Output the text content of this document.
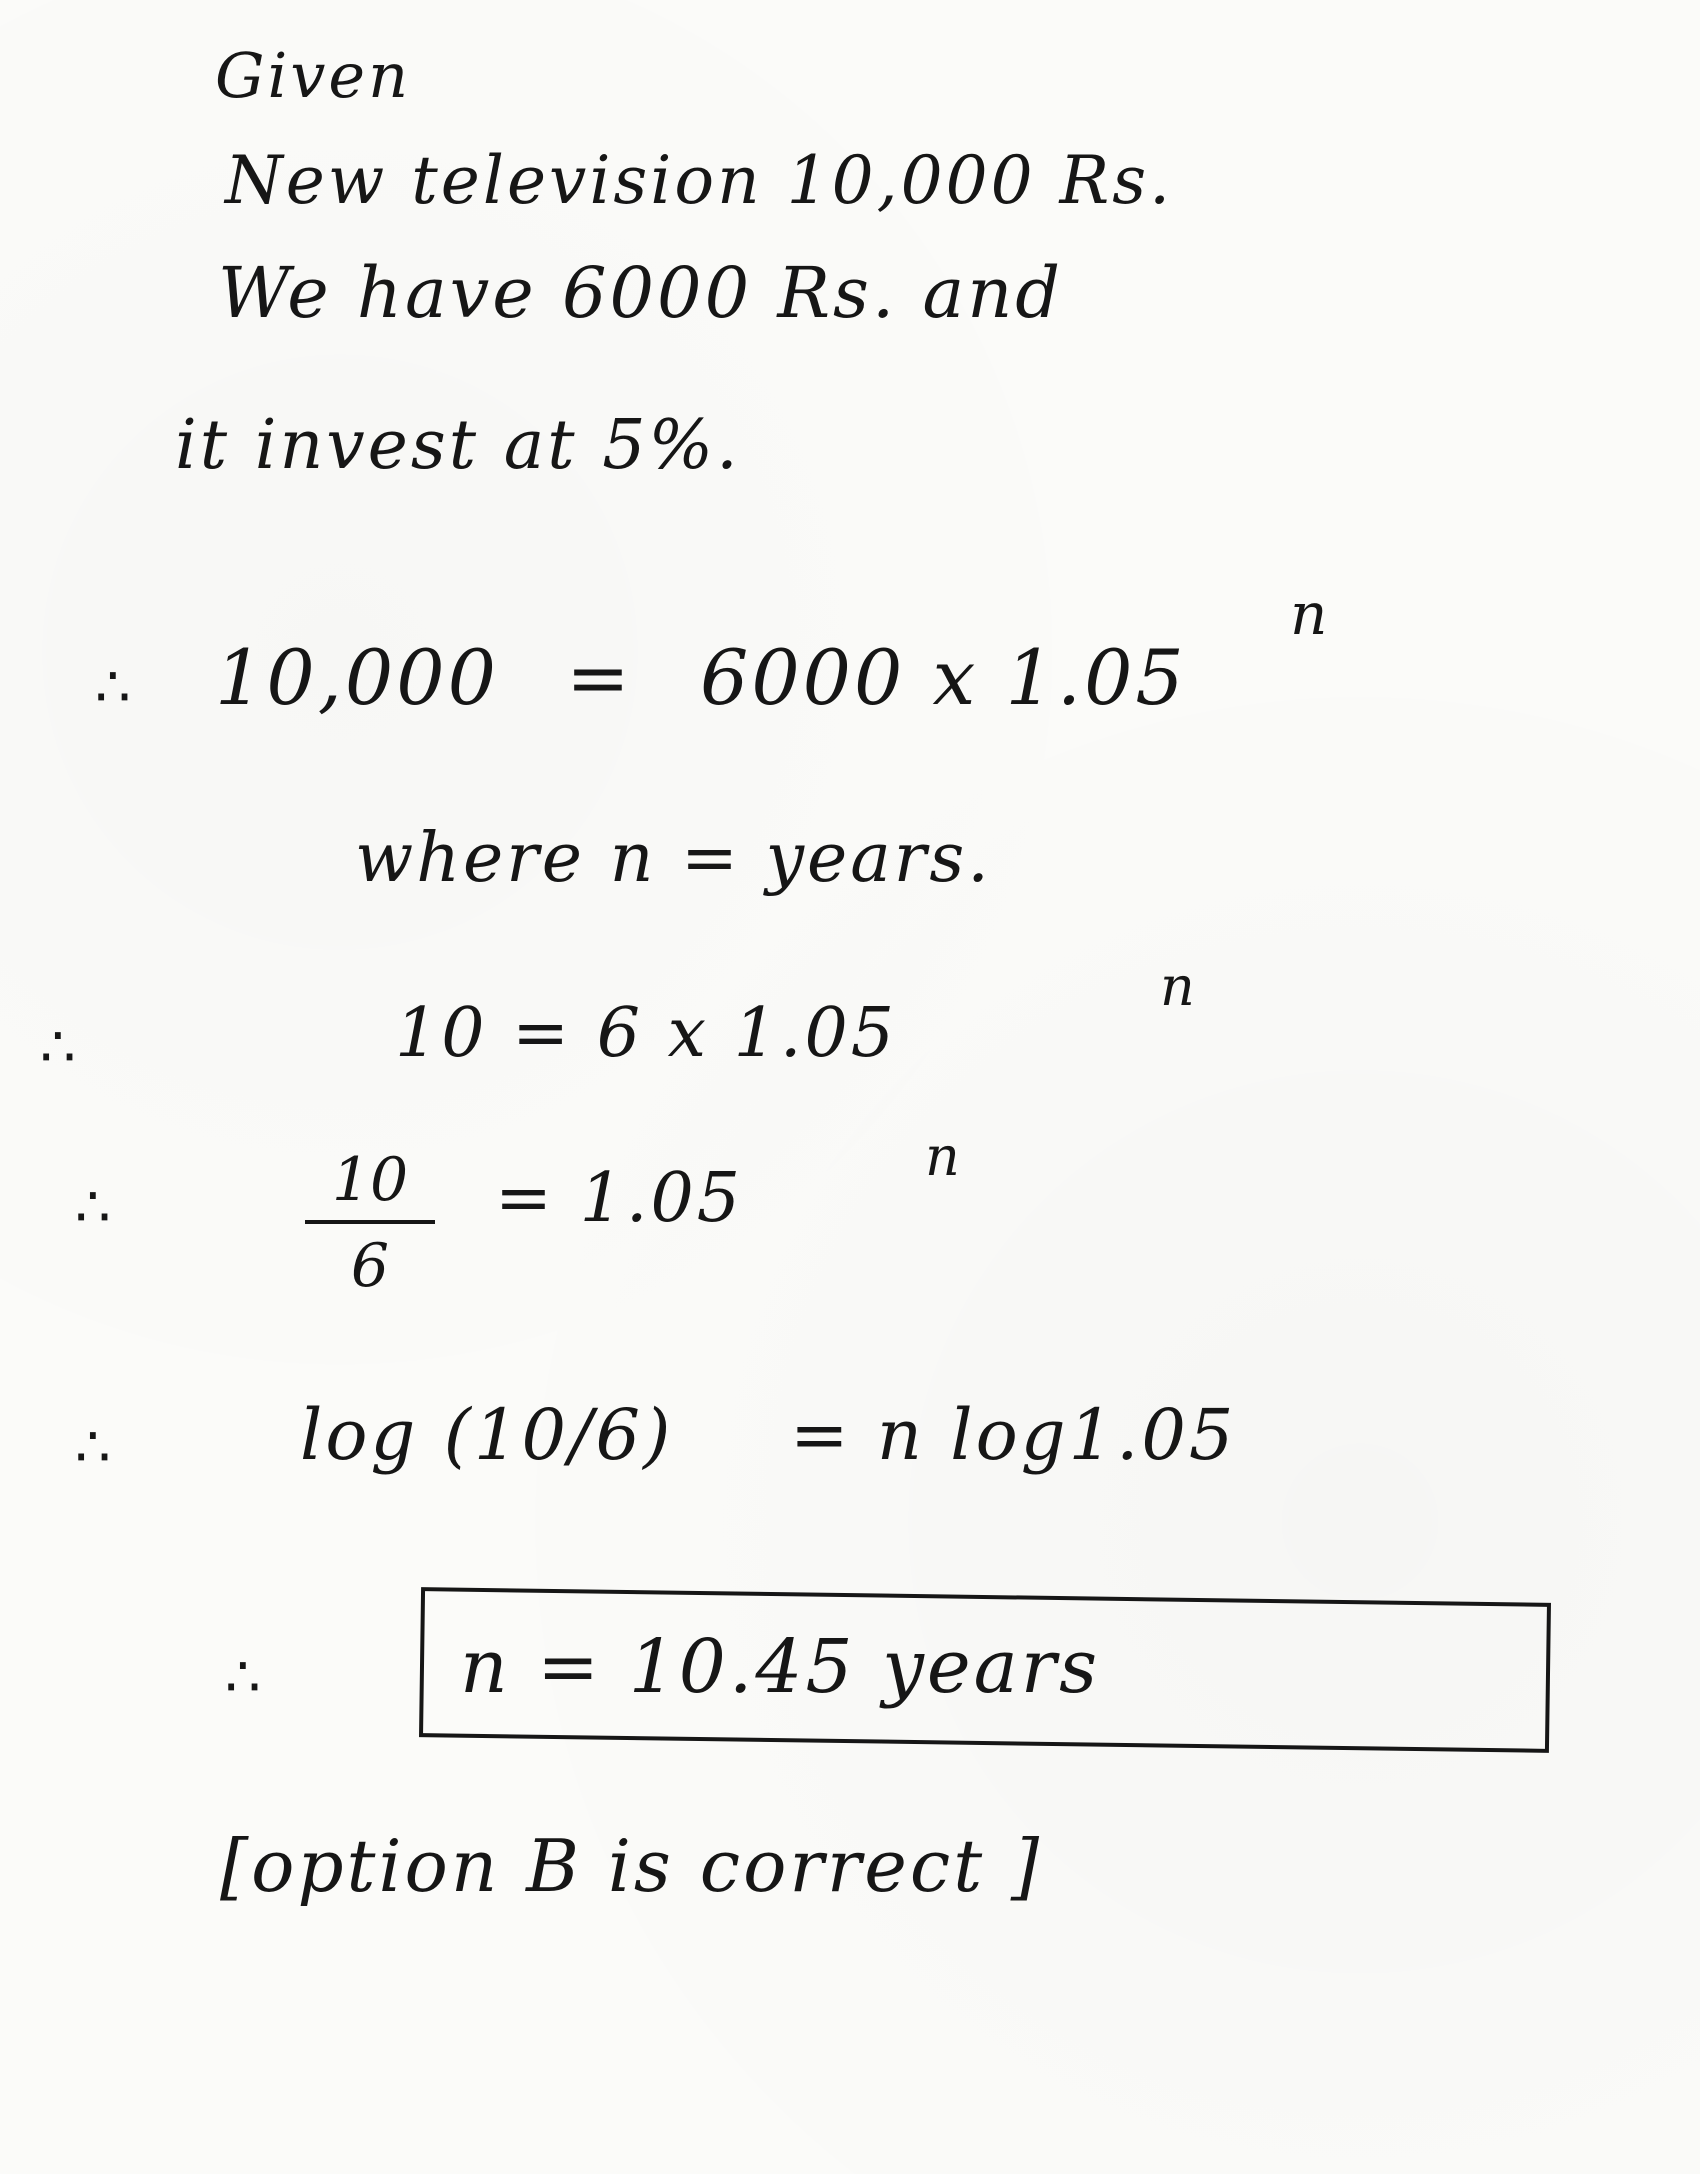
Given
New television 10,000 Rs.
We have 6000 Rs. and
it invest at 5%.
∴ 10,000 = 6000 x 1.05
n
where n = years.
∴	10 = 6 x 1.05
n
∴	10
6
= 1.05
n
∴	log (10/6) = n log1.05
∴	n = 10.45 years
[option B is correct ]
